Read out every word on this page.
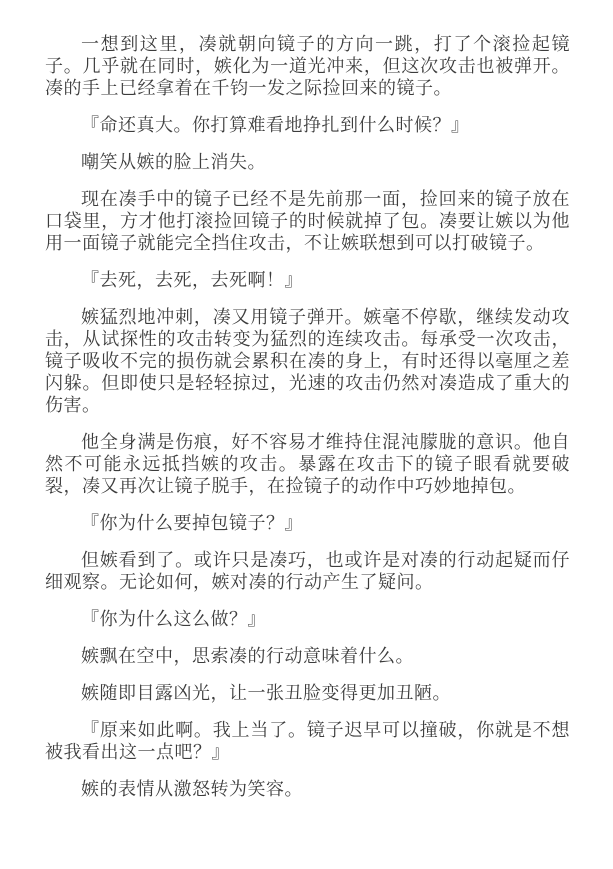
一想到这里，凑就朝向镜子的方向一跳，打了个滚捡起镜子。几乎就在同时，嫉化为一道光冲来，但这次攻击也被弹开。凑的手上已经拿着在千钧一发之际捡回来的镜子。

『命还真大。你打算难看地挣扎到什么时候？』

嘲笑从嫉的脸上消失。

现在凑手中的镜子已经不是先前那一面，捡回来的镜子放在口袋里，方才他打滚捡回镜子的时候就掉了包。凑要让嫉以为他用一面镜子就能完全挡住攻击，不让嫉联想到可以打破镜子。

『去死，去死，去死啊！』

嫉猛烈地冲刺，凑又用镜子弹开。嫉毫不停歇，继续发动攻击，从试探性的攻击转变为猛烈的连续攻击。每承受一次攻击，镜子吸收不完的损伤就会累积在凑的身上，有时还得以毫厘之差闪躲。但即使只是轻轻掠过，光速的攻击仍然对凑造成了重大的伤害。

他全身满是伤痕，好不容易才维持住混沌朦胧的意识。他自然不可能永远抵挡嫉的攻击。暴露在攻击下的镜子眼看就要破裂，凑又再次让镜子脱手，在捡镜子的动作中巧妙地掉包。

『你为什么要掉包镜子？』

但嫉看到了。或许只是凑巧，也或许是对凑的行动起疑而仔细观察。无论如何，嫉对凑的行动产生了疑问。

『你为什么这么做？』

嫉飘在空中，思索凑的行动意味着什么。

嫉随即目露凶光，让一张丑脸变得更加丑陋。

『原来如此啊。我上当了。镜子迟早可以撞破，你就是不想被我看出这一点吧？』

嫉的表情从激怒转为笑容。
